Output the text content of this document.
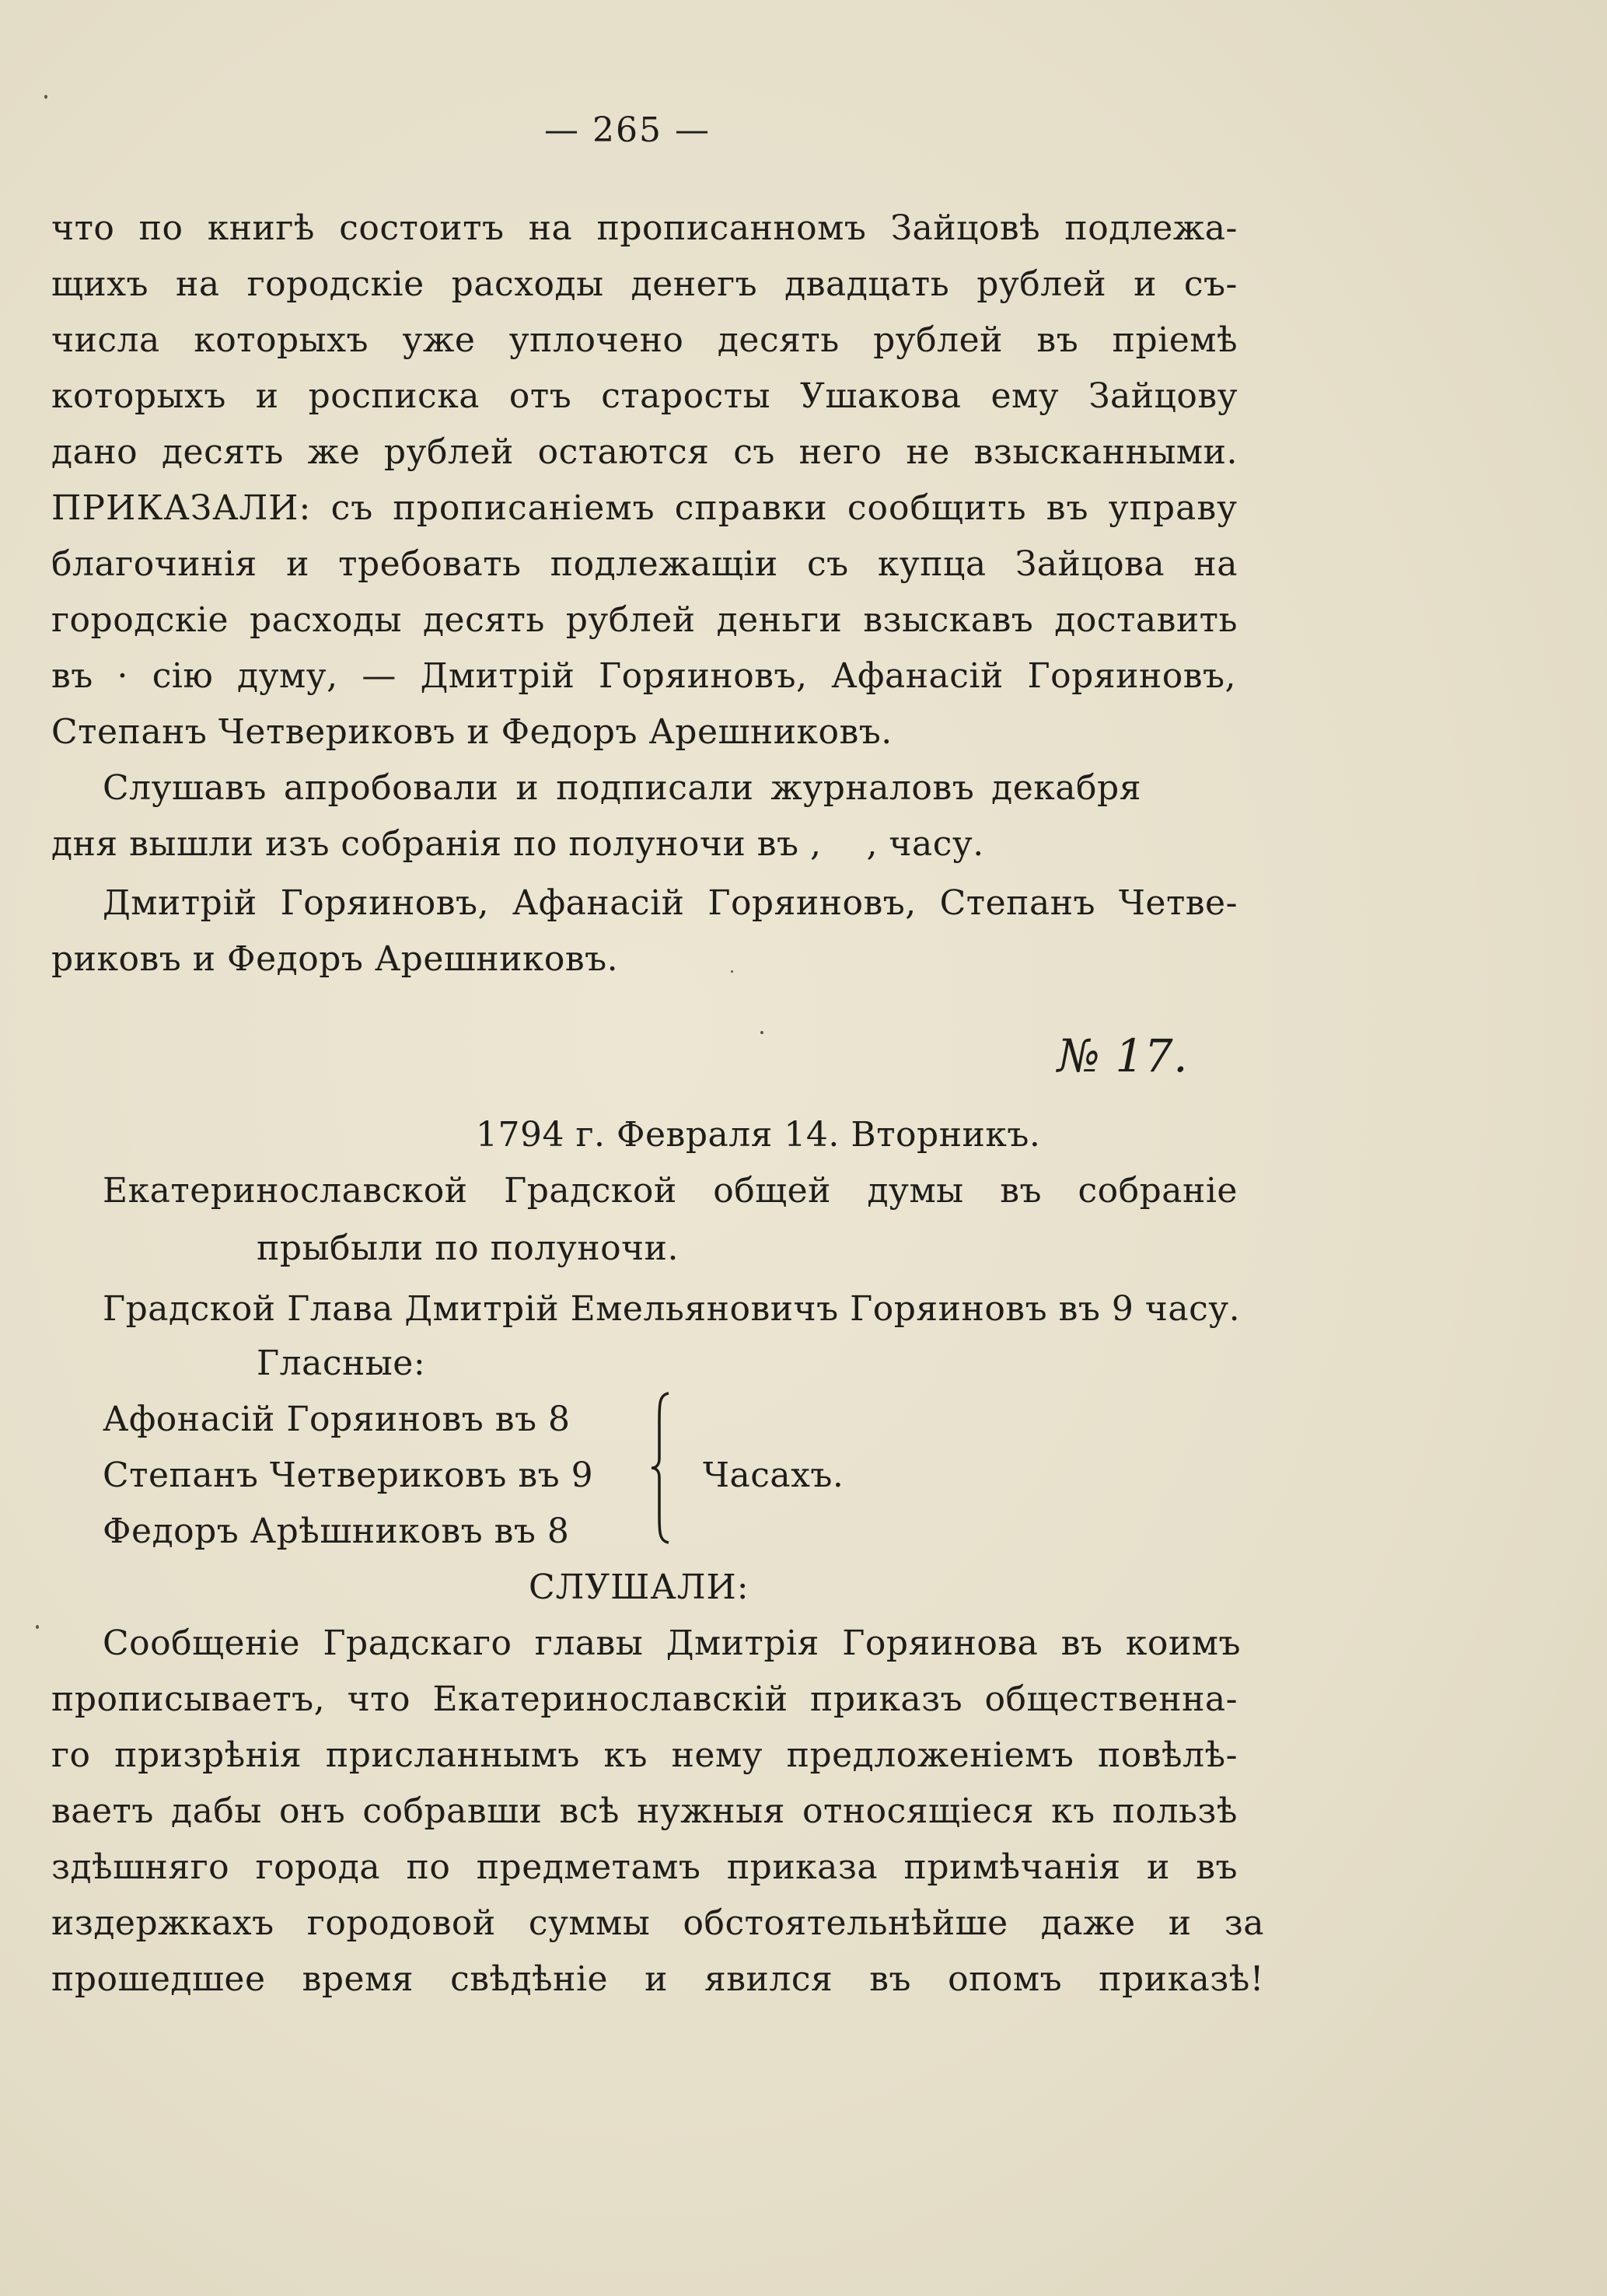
— 265 —
что по книгѣ состоитъ на прописанномъ Зайцовѣ подлежа-
щихъ на городскіе расходы денегъ двадцать рублей и съ-
числа которыхъ уже уплочено десять рублей въ пріемѣ
которыхъ и росписка отъ старосты Ушакова ему Зайцову
дано десять же рублей остаются съ него не взысканными.
ПРИКАЗАЛИ: съ прописаніемъ справки сообщить въ управу
благочинія и требовать подлежащіи съ купца Зайцова на
городскіе расходы десять рублей деньги взыскавъ доставить
въ · сію думу, — Дмитрій Горяиновъ, Афанасій Горяиновъ,
Степанъ Четвериковъ и Федоръ Арешниковъ.
Слушавъ апробовали и подписали журналовъ декабря
дня вышли изъ собранія по полуночи въ ,    , часу.
Дмитрій Горяиновъ, Афанасій Горяиновъ, Степанъ Четве-
риковъ и Федоръ Арешниковъ.
№ 17.
1794 г. Февраля 14. Вторникъ.
Екатеринославской Градской общей думы въ собраніе
прыбыли по полуночи.
Градской Глава Дмитрій Емельяновичъ Горяиновъ въ 9 часу.
Гласные:
Афонасій Горяиновъ въ 8
Степанъ Четвериковъ въ 9
Федоръ Арѣшниковъ въ 8
Часахъ.
СЛУШАЛИ:
Сообщеніе Градскаго главы Дмитрія Горяинова въ коимъ
прописываетъ, что Екатеринославскій приказъ общественна-
го призрѣнія присланнымъ къ нему предложеніемъ повѣлѣ-
ваетъ дабы онъ собравши всѣ нужныя относящіеся къ пользѣ
здѣшняго города по предметамъ приказа примѣчанія и въ
издержкахъ городовой суммы обстоятельнѣйше даже и за
прошедшее время свѣдѣніе и явился въ опомъ приказѣ!
